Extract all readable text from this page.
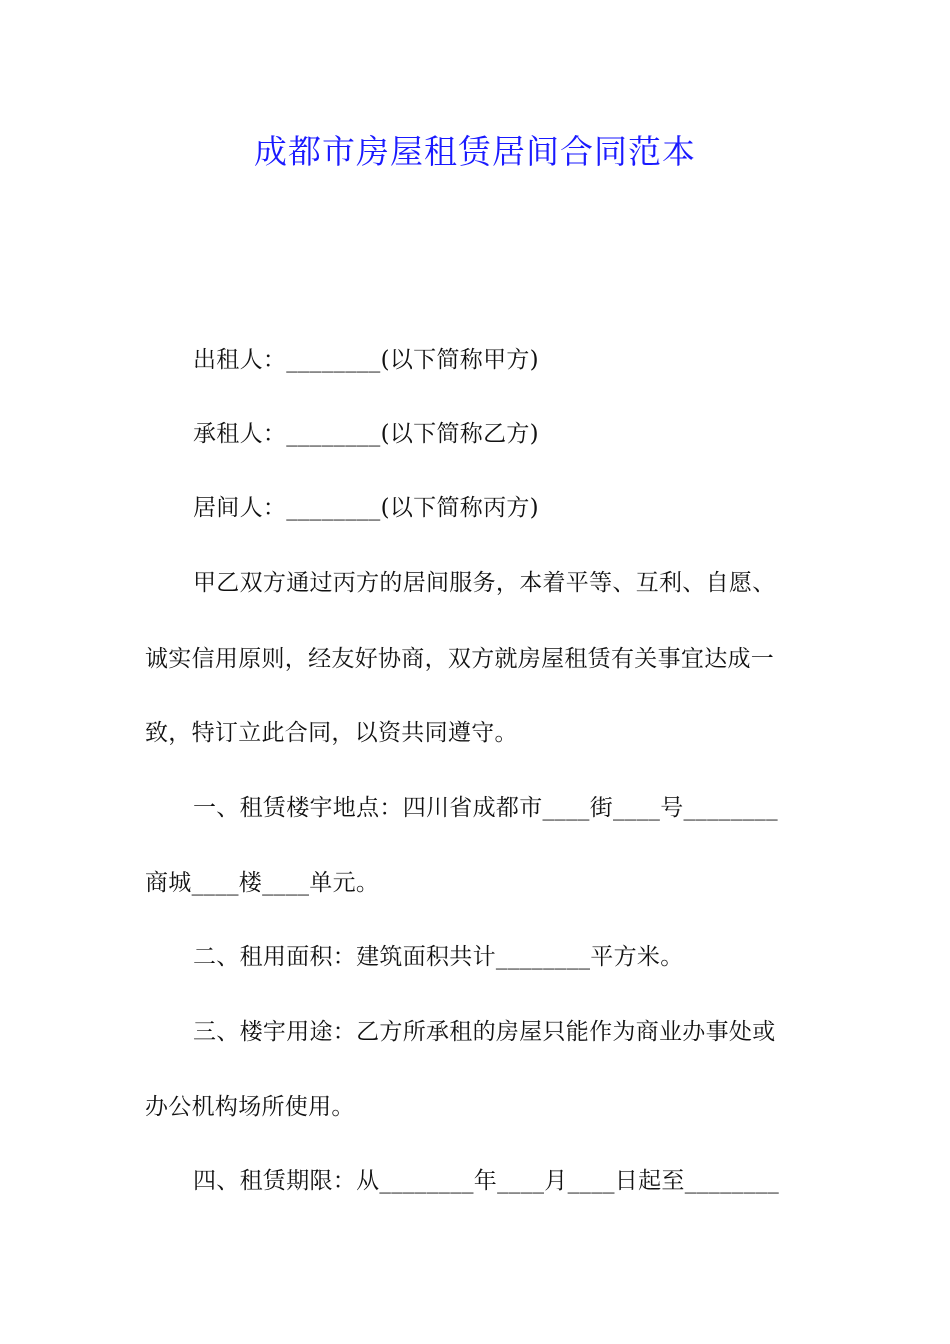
成都市房屋租赁居间合同范本
出租人：________(以下简称甲方)
承租人：________(以下简称乙方)
居间人：________(以下简称丙方)
甲乙双方通过丙方的居间服务，本着平等、互利、自愿、
诚实信用原则，经友好协商，双方就房屋租赁有关事宜达成一
致，特订立此合同，以资共同遵守。
一、租赁楼宇地点：四川省成都市____街____号________
商城____楼____单元。
二、租用面积：建筑面积共计________平方米。
三、楼宇用途：乙方所承租的房屋只能作为商业办事处或
办公机构场所使用。
四、租赁期限：从________年____月____日起至________
